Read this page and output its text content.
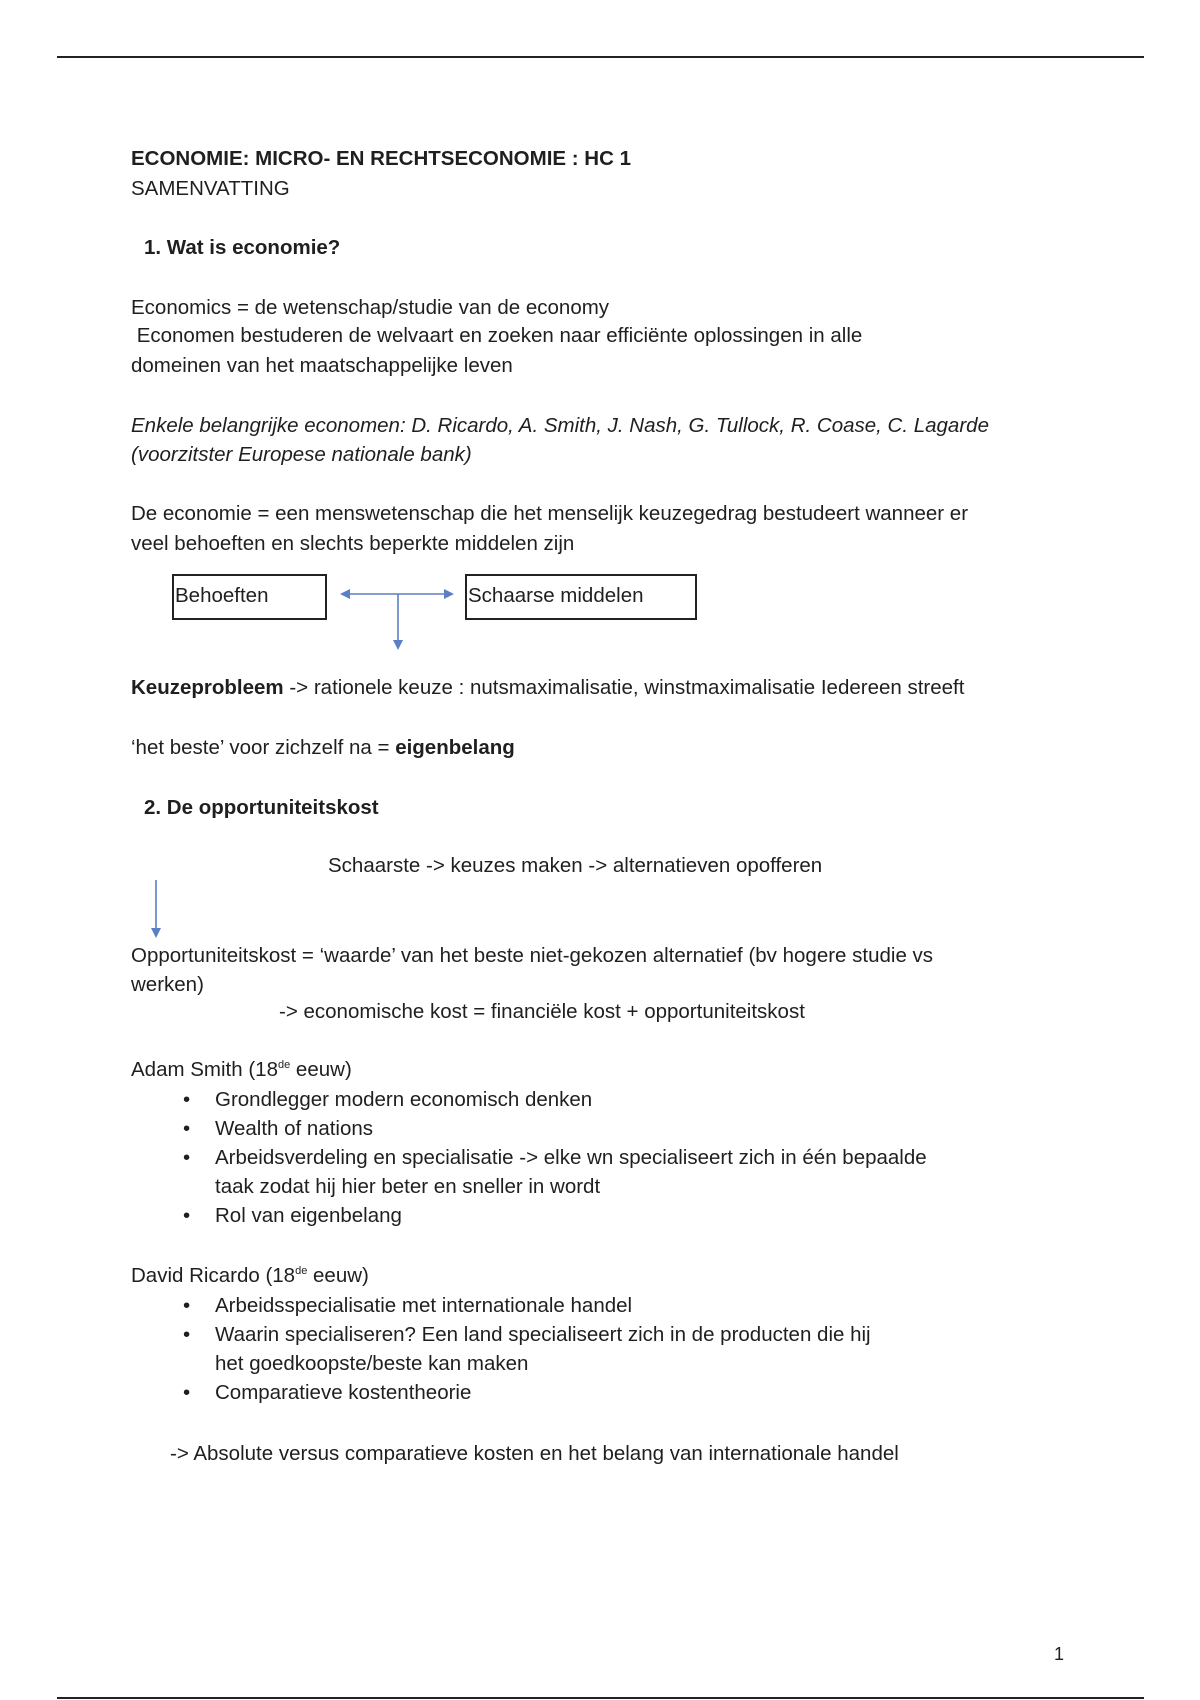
ECONOMIE: MICRO- EN RECHTSECONOMIE : HC 1

SAMENVATTING

1. Wat is economie?

Economics = de wetenschap/studie van de economy

Economen bestuderen de welvaart en zoeken naar efficiënte oplossingen in alle

domeinen van het maatschappelijke leven

Enkele belangrijke economen: D. Ricardo, A. Smith, J. Nash, G. Tullock, R. Coase, C. Lagarde

(voorzitster Europese nationale bank)

De economie = een menswetenschap die het menselijk keuzegedrag bestudeert wanneer er

veel behoeften en slechts beperkte middelen zijn

Behoeften	Schaarse middelen

Keuzeprobleem -> rationele keuze : nutsmaximalisatie, winstmaximalisatie Iedereen streeft

‘het beste’ voor zichzelf na = eigenbelang

2. De opportuniteitskost

Schaarste -> keuzes maken -> alternatieven opofferen

Opportuniteitskost = ‘waarde’ van het beste niet-gekozen alternatief (bv hogere studie vs

werken)

-> economische kost = financiële kost + opportuniteitskost

Adam Smith (18de eeuw)

• Grondlegger modern economisch denken
• Wealth of nations
• Arbeidsverdeling en specialisatie -> elke wn specialiseert zich in één bepaalde
taak zodat hij hier beter en sneller in wordt
• Rol van eigenbelang

David Ricardo (18de eeuw)

• Arbeidsspecialisatie met internationale handel
• Waarin specialiseren? Een land specialiseert zich in de producten die hij
het goedkoopste/beste kan maken
• Comparatieve kostentheorie

-> Absolute versus comparatieve kosten en het belang van internationale handel

1
